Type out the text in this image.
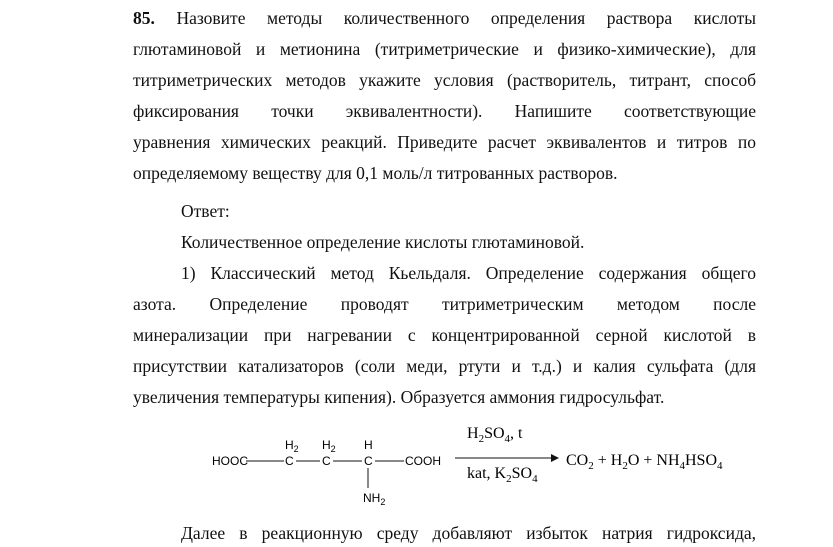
85. Назовите методы количественного определения раствора кислоты
глютаминовой и метионина (титриметрические и физико-химические), для
титриметрических методов укажите условия (растворитель, титрант, способ
фиксирования точки эквивалентности). Напишите соответствующие
уравнения химических реакций. Приведите расчет эквивалентов и титров по
определяемому веществу для 0,1 моль/л титрованных растворов.
Ответ:
Количественное определение кислоты глютаминовой.
1) Классический метод Кьельдаля. Определение содержания общего
азота. Определение проводят титриметрическим методом после
минерализации при нагревании с концентрированной серной кислотой в
присутствии катализаторов (соли меди, ртути и т.д.) и калия сульфата (для
увеличения температуры кипения). Образуется аммония гидросульфат.
HOOC	C
$H_2$
C
$H_2$
C
H
COOH
$NH_2$
$H_2SO_4$, t
kat, $K_2SO_4$
$CO_2 + H_2O + NH_4HSO_4$
Далее в реакционную среду добавляют избыток натрия гидроксида,
